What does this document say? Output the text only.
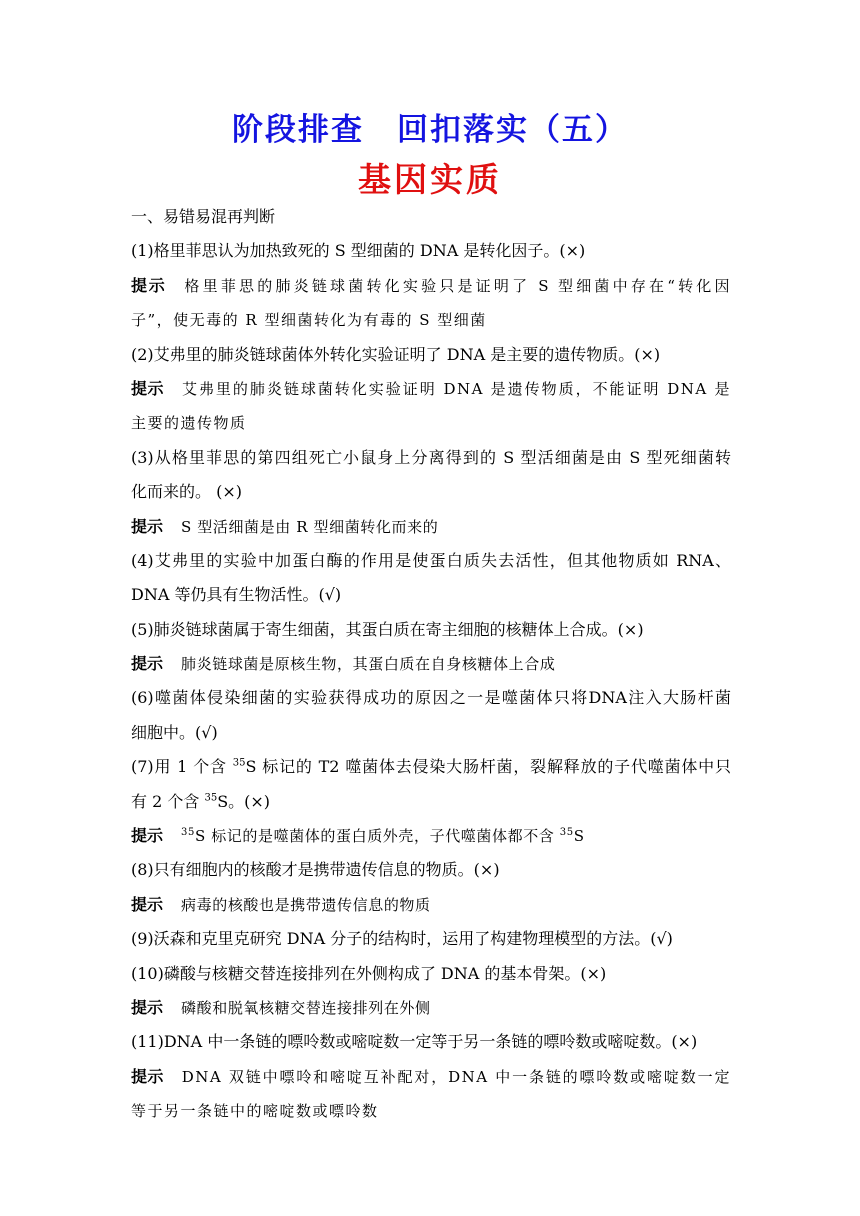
阶段排查　回扣落实（五）
基因实质
一、易错易混再判断
(1)格里菲思认为加热致死的 S 型细菌的 DNA 是转化因子。(×)
提示 格里菲思的肺炎链球菌转化实验只是证明了 S 型细菌中存在“转化因
子”，使无毒的 R 型细菌转化为有毒的 S 型细菌
(2)艾弗里的肺炎链球菌体外转化实验证明了 DNA 是主要的遗传物质。(×)
提示 艾弗里的肺炎链球菌转化实验证明 DNA 是遗传物质，不能证明 DNA 是
主要的遗传物质
(3)从格里菲思的第四组死亡小鼠身上分离得到的 S 型活细菌是由 S 型死细菌转
化而来的。 (×)
提示 S 型活细菌是由 R 型细菌转化而来的
(4)艾弗里的实验中加蛋白酶的作用是使蛋白质失去活性，但其他物质如 RNA、
DNA 等仍具有生物活性。(√)
(5)肺炎链球菌属于寄生细菌，其蛋白质在寄主细胞的核糖体上合成。(×)
提示 肺炎链球菌是原核生物，其蛋白质在自身核糖体上合成
(6)噬菌体侵染细菌的实验获得成功的原因之一是噬菌体只将DNA注入大肠杆菌
细胞中。(√)
(7)用 1 个含 $^{35}$S 标记的 T2 噬菌体去侵染大肠杆菌，裂解释放的子代噬菌体中只
有 2 个含 $^{35}$S。(×)
提示 $^{35}$S 标记的是噬菌体的蛋白质外壳，子代噬菌体都不含 $^{35}$S
(8)只有细胞内的核酸才是携带遗传信息的物质。(×)
提示 病毒的核酸也是携带遗传信息的物质
(9)沃森和克里克研究 DNA 分子的结构时，运用了构建物理模型的方法。(√)
(10)磷酸与核糖交替连接排列在外侧构成了 DNA 的基本骨架。(×)
提示 磷酸和脱氧核糖交替连接排列在外侧
(11)DNA 中一条链的嘌呤数或嘧啶数一定等于另一条链的嘌呤数或嘧啶数。(×)
提示 DNA 双链中嘌呤和嘧啶互补配对，DNA 中一条链的嘌呤数或嘧啶数一定
等于另一条链中的嘧啶数或嘌呤数
